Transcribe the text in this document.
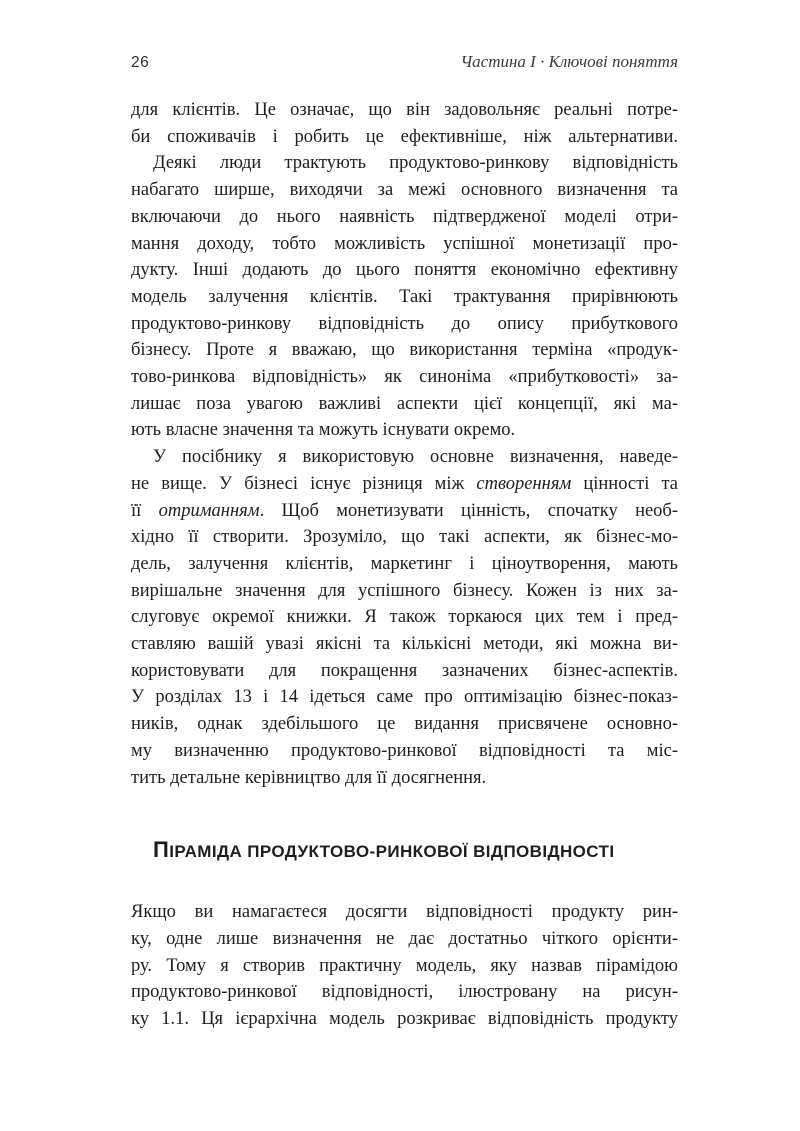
26	Частина І · Ключові поняття
для клієнтів. Це означає, що він задовольняє реальні потре-
би споживачів і робить це ефективніше, ніж альтернативи.
Деякі люди трактують продуктово-ринкову відповідність
набагато ширше, виходячи за межі основного визначення та
включаючи до нього наявність підтвердженої моделі отри-
мання доходу, тобто можливість успішної монетизації про-
дукту. Інші додають до цього поняття економічно ефективну
модель залучення клієнтів. Такі трактування прирівнюють
продуктово-ринкову відповідність до опису прибуткового
бізнесу. Проте я вважаю, що використання терміна «продук-
тово-ринкова відповідність» як синоніма «прибутковості» за-
лишає поза увагою важливі аспекти цієї концепції, які ма-
ють власне значення та можуть існувати окремо.
У посібнику я використовую основне визначення, наведе-
не вище. У бізнесі існує різниця між створенням цінності та
її отриманням. Щоб монетизувати цінність, спочатку необ-
хідно її створити. Зрозуміло, що такі аспекти, як бізнес-мо-
дель, залучення клієнтів, маркетинг і ціноутворення, мають
вирішальне значення для успішного бізнесу. Кожен із них за-
слуговує окремої книжки. Я також торкаюся цих тем і пред-
ставляю вашій увазі якісні та кількісні методи, які можна ви-
користовувати для покращення зазначених бізнес-аспектів.
У розділах 13 і 14 ідеться саме про оптимізацію бізнес-показ-
ників, однак здебільшого це видання присвячене основно-
му визначенню продуктово-ринкової відповідності та міс-
тить детальне керівництво для її досягнення.
ПІРАМІДА ПРОДУКТОВО-РИНКОВОЇ ВІДПОВІДНОСТІ
Якщо ви намагаєтеся досягти відповідності продукту рин-
ку, одне лише визначення не дає достатньо чіткого орієнти-
ру. Тому я створив практичну модель, яку назвав пірамідою
продуктово-ринкової відповідності, ілюстровану на рисун-
ку 1.1. Ця ієрархічна модель розкриває відповідність продукту
